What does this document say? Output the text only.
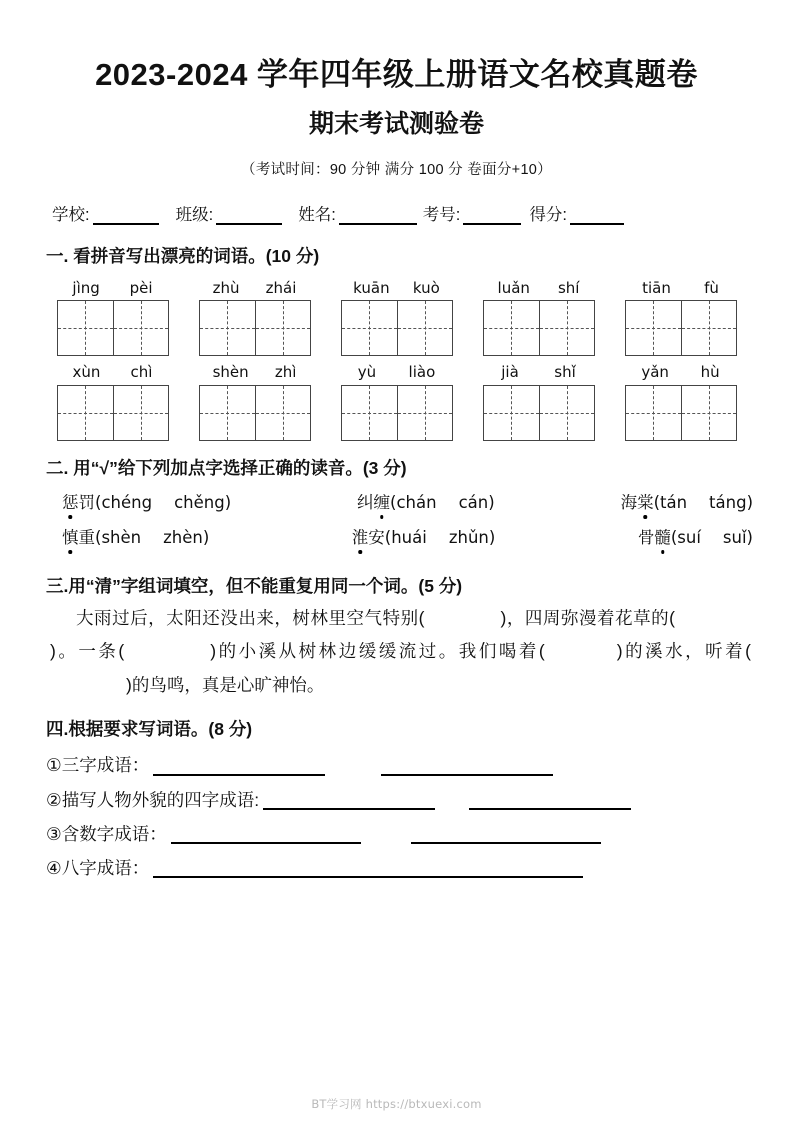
2023-2024 学年四年级上册语文名校真题卷
期末考试测验卷

（考试时间：90 分钟 满分 100 分 卷面分+10）

学校:	班级:	姓名:	考号:	得分:
一. 看拼音写出漂亮的词语。(10 分)
jìng pèi	zhù zhái	kuān kuò	luǎn shí	tiān fù
xùn chì	shèn zhì	yù liào	jià shǐ	yǎn hù
二. 用“√”给下列加点字选择正确的读音。(3 分)
惩罚 (chéng chěng)	纠缠 (chán cán)	海棠 (tán táng)
慎重 (shèn zhèn)	淮安 (huái zhǔn)	骨髓 (suí suǐ)
三.用“清”字组词填空，但不能重复用同一个词。(5 分)
大雨过后，太阳还没出来，树林里空气特别(	)，四周弥漫着花草的()。一条(	)的小溪从树林边缓缓流过。我们喝着(	)的溪水，听着()的鸟鸣，真是心旷神怡。
四.根据要求写词语。(8 分)
①三字成语：
②描写人物外貌的四字成语:
③含数字成语：
④八字成语：
BT学习网 https://btxuexi.com
